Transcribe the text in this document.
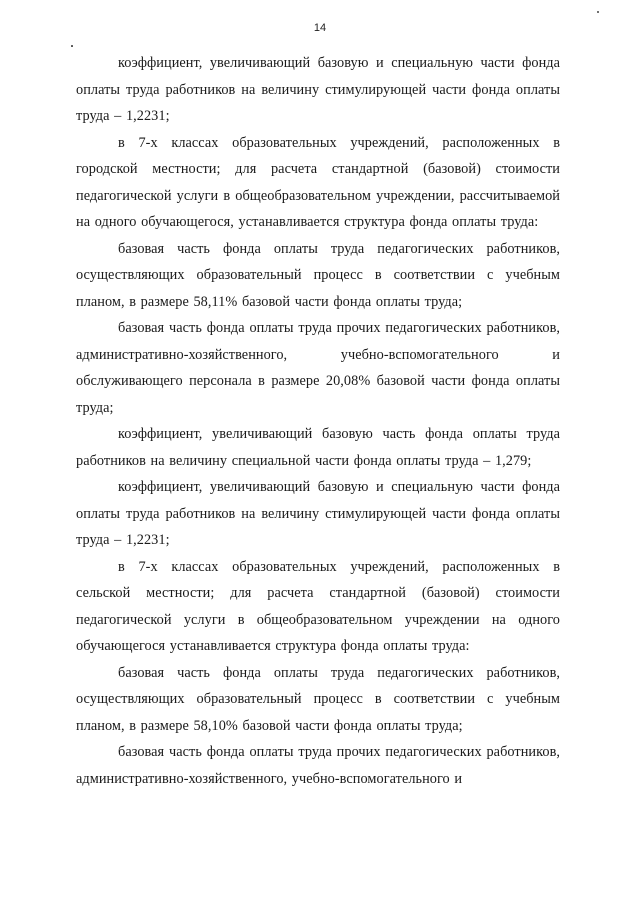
14

коэффициент, увеличивающий базовую и специальную части фонда оплаты труда работников на величину стимулирующей части фонда оплаты труда – 1,2231;

в 7-х классах образовательных учреждений, расположенных в городской местности; для расчета стандартной (базовой) стоимости педагогической услуги в общеобразовательном учреждении, рассчитываемой на одного обучающегося, устанавливается структура фонда оплаты труда:

базовая часть фонда оплаты труда педагогических работников, осуществляющих образовательный процесс в соответствии с учебным планом, в размере 58,11% базовой части фонда оплаты труда;

базовая часть фонда оплаты труда прочих педагогических работников, административно-хозяйственного, учебно-вспомогательного и обслуживающего персонала в размере 20,08% базовой части фонда оплаты труда;

коэффициент, увеличивающий базовую часть фонда оплаты труда работников на величину специальной части фонда оплаты труда – 1,279;

коэффициент, увеличивающий базовую и специальную части фонда оплаты труда работников на величину стимулирующей части фонда оплаты труда – 1,2231;

в 7-х классах образовательных учреждений, расположенных в сельской местности; для расчета стандартной (базовой) стоимости педагогической услуги в общеобразовательном учреждении на одного обучающегося устанавливается структура фонда оплаты труда:

базовая часть фонда оплаты труда педагогических работников, осуществляющих образовательный процесс в соответствии с учебным планом, в размере 58,10% базовой части фонда оплаты труда;

базовая часть фонда оплаты труда прочих педагогических работников, административно-хозяйственного, учебно-вспомогательного и
